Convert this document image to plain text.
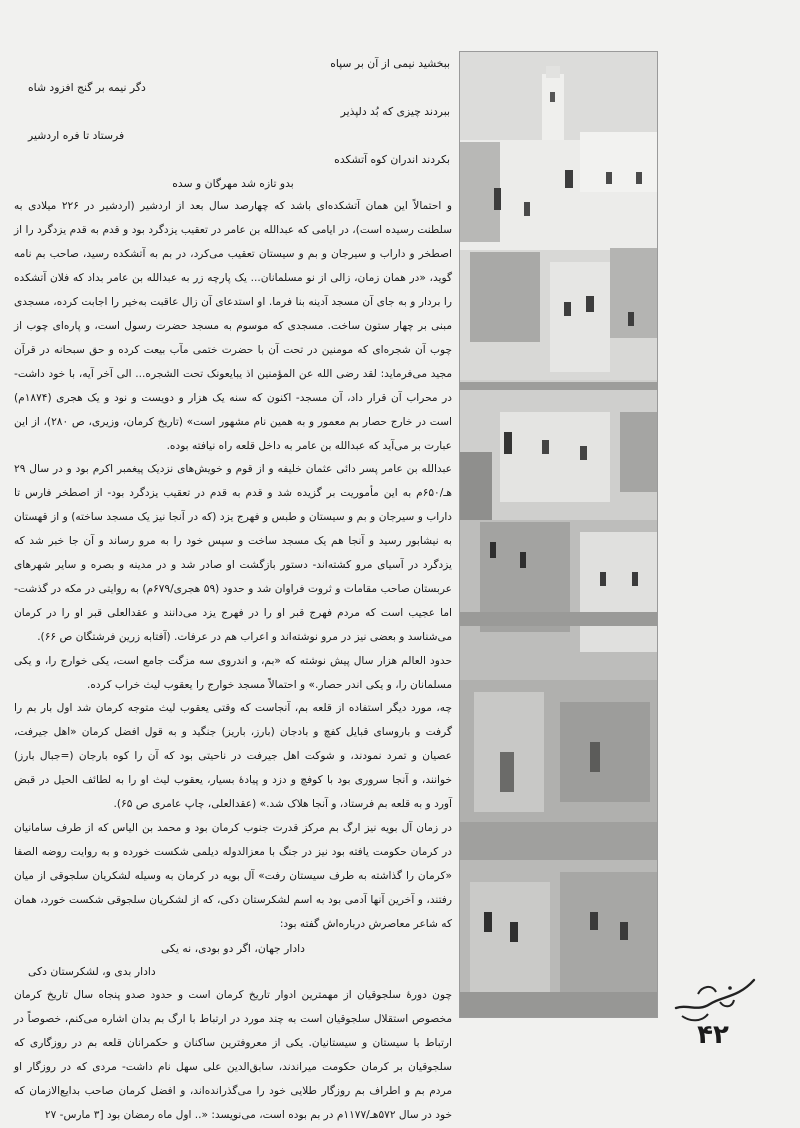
ببخشید نیمی از آن بر سپاه

دگر نیمه بر گنج افزود شاه

ببردند چیزی که بُد دلپذیر

فرستاد تا فره اردشیر

بکردند اندران کوه آتشکده

بدو تازه شد مهرگان و سده

و احتمالاً این همان آتشکده‌ای باشد که چهارصد سال بعد از اردشیر (اردشیر در ۲۲۶ میلادی به سلطنت رسیده است)، در ایامی که عبدالله بن عامر در تعقیب یزدگرد بود و قدم به قدم یزدگرد را از اصطخر و داراب و سیرجان و بم و سیستان تعقیب می‌کرد، در بم به آتشکده رسید، صاحب بم نامه گوید، «در همان زمان، زالی از نو مسلمانان... یک پارچه زر به عبدالله بن عامر بداد که فلان آتشکده را بردار و به جای آن مسجد آدینه بنا فرما. او استدعای آن زال عاقبت به‌خیر را اجابت کرده، مسجدی مبنی بر چهار ستون ساخت. مسجدی که موسوم به مسجد حضرت رسول است، و پاره‌ای چوب از چوب آن شجره‌ای که مومنین در تحت آن با حضرت ختمی مآب بیعت کرده و حق سبحانه در قرآن مجید می‌فرماید: لقد رضی الله عن المؤمنین اذ یبایعونک تحت الشجره... الی آخر آیه، با خود داشت- در محراب آن قرار داد، آن مسجد- اکنون که سنه یک هزار و دویست و نود و یک هجری (۱۸۷۴م) است در خارج حصار بم معمور و به همین نام مشهور است» (تاریخ کرمان، وزیری، ص ۲۸۰)، از این عبارت بر می‌آید که عبدالله بن عامر به داخل قلعه راه نیافته بوده.

عبدالله بن عامر پسر دائی عثمان خلیفه و از قوم و خویش‌های نزدیک پیغمبر اکرم بود و در سال ۲۹ هـ/۶۵۰م به این مأموریت بر گزیده شد و قدم به قدم در تعقیب یزدگرد بود- از اصطخر فارس تا داراب و سیرجان و بم و سیستان و طبس و فهرج یزد (که در آنجا نیز یک مسجد ساخته) و از قهستان به نیشابور رسید و آنجا هم یک مسجد ساخت و سپس خود را به مرو رساند و آن جا خبر شد که یزدگرد در آسیای مرو کشته‌اند- دستور بازگشت او صادر شد و در مدینه و بصره و سایر شهرهای عربستان صاحب مقامات و ثروت فراوان شد و حدود (۵۹ هجری/۶۷۹م) به روایتی در مکه در گذشت- اما عجیب است که مردم فهرج قبر او را در فهرج یزد می‌دانند و عقدالعلی قبر او را در کرمان می‌شناسد و بعضی نیز در مرو نوشته‌اند و اعراب هم در عرفات. (آفتابه زرین فرشتگان ص ۶۶).

حدود العالم هزار سال پیش نوشته که «بم، و اندروی سه مزگت جامع است، یکی خوارج را، و یکی مسلمانان را، و یکی اندر حصار.» و احتمالاً مسجد خوارج را یعقوب لیث خراب کرده.

چه، مورد دیگر استفاده از قلعه بم، آنجاست که وقتی یعقوب لیث متوجه کرمان شد اول بار بم را گرفت و باروسای قبایل کفچ و بادجان (بارز، باریز) جنگید و به قول افضل کرمان «اهل جیرفت، عصیان و تمرد نمودند، و شوکت اهل جیرفت در ناحیتی بود که آن را کوه بارجان (=جبال بارز) خوانند، و آنجا سروری بود با کوفچ و دزد و پیاده‌ٔ بسیار، یعقوب لیث او را به لطائف الحیل در قبض آورد و به قلعه بم فرستاد، و آنجا هلاک شد.» (عقدالعلی، چاپ عامری ص ۶۵).

در زمان آل بویه نیز ارگ بم مرکز قدرت جنوب کرمان بود و محمد بن الیاس که از طرف سامانیان در کرمان حکومت یافته بود نیز در جنگ با معزالدوله دیلمی شکست خورده و به روایت روضه الصفا «کرمان را گذاشته به طرف سیستان رفت» آل بویه در کرمان به وسیله لشکریان سلجوقی از میان رفتند، و آخرین آنها آدمی بود به اسم لشکرستان دکی، که از لشکریان سلجوقی شکست خورد، همان که شاعر معاصرش درباره‌اش گفته بود:

دادار جهان، اگر دو بودی، نه یکی

دادار بدی و، لشکرستان دکی

چون دورهٔ سلجوقیان از مهمترین ادوار تاریخ کرمان است و حدود صدو پنجاه سال تاریخ کرمان مخصوص استقلال سلجوقیان است به چند مورد در ارتباط با ارگ بم بدان اشاره می‌کنم، خصوصاً در ارتباط با سیستان و سیستانیان. یکی از معروفترین ساکنان و حکمرانان قلعه بم در روزگاری که سلجوقیان بر کرمان حکومت میراندند، سابق‌الدین علی سهل نام داشت- مردی که در روزگار او مردم بم و اطراف بم روزگار طلایی خود را می‌گذرانده‌اند، و افضل کرمان صاحب بدایع‌الازمان که خود در سال ۵۷۲هـ/۱۱۷۷م در بم بوده است، می‌نویسد: «.. اول ماه رمضان بود [۳ مارس- ۲۷

۴۲
